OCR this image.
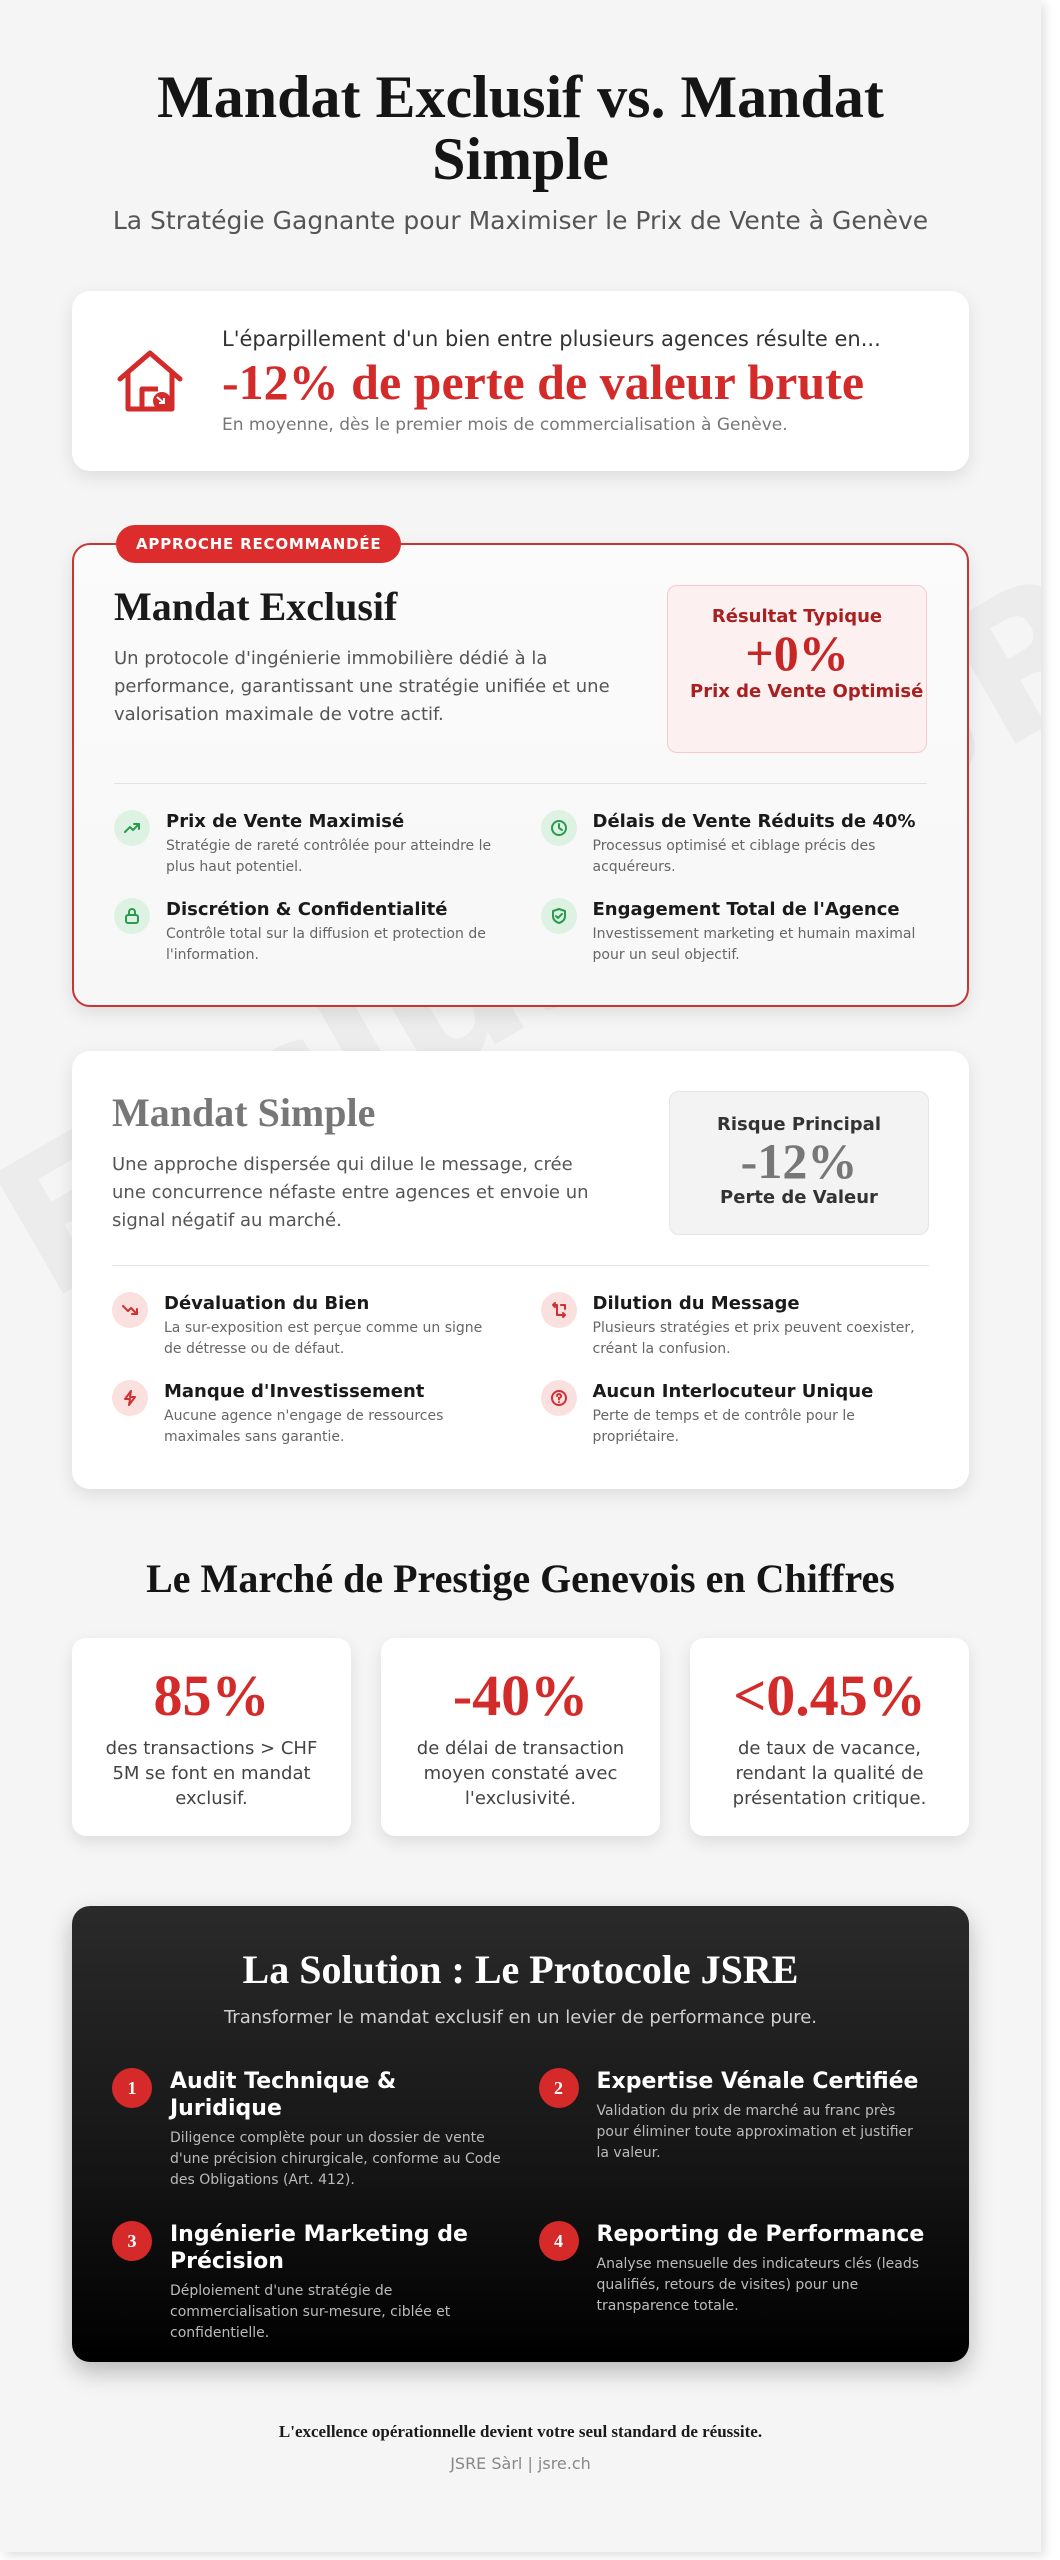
Mandat Exclusif vs. Mandat Simple

La Stratégie Gagnante pour Maximiser le Prix de Vente à Genève

L'éparpillement d'un bien entre plusieurs agences résulte en...
-12% de perte de valeur brute
En moyenne, dès le premier mois de commercialisation à Genève.
APPROCHE RECOMMANDÉE
Mandat Exclusif
Un protocole d'ingénierie immobilière dédié à la performance, garantissant une stratégie unifiée et une valorisation maximale de votre actif.
Résultat Typique
+0%
Prix de Vente Optimisé
Prix de Vente Maximisé
Stratégie de rareté contrôlée pour atteindre le plus haut potentiel.
Délais de Vente Réduits de 40%
Processus optimisé et ciblage précis des acquéreurs.
Discrétion & Confidentialité
Contrôle total sur la diffusion et protection de l'information.
Engagement Total de l'Agence
Investissement marketing et humain maximal pour un seul objectif.
Mandat Simple
Une approche dispersée qui dilue le message, crée une concurrence néfaste entre agences et envoie un signal négatif au marché.
Risque Principal
-12%
Perte de Valeur
Dévaluation du Bien
La sur-exposition est perçue comme un signe de détresse ou de défaut.
Dilution du Message
Plusieurs stratégies et prix peuvent coexister, créant la confusion.
Manque d'Investissement
Aucune agence n'engage de ressources maximales sans garantie.
Aucun Interlocuteur Unique
Perte de temps et de contrôle pour le propriétaire.
Le Marché de Prestige Genevois en Chiffres
85%
des transactions > CHF 5M se font en mandat exclusif.
-40%
de délai de transaction moyen constaté avec l'exclusivité.
<0.45%
de taux de vacance, rendant la qualité de présentation critique.
La Solution : Le Protocole JSRE
Transformer le mandat exclusif en un levier de performance pure.
1	Audit Technique & Juridique
Diligence complète pour un dossier de vente d'une précision chirurgicale, conforme au Code des Obligations (Art. 412).
2	Expertise Vénale Certifiée
Validation du prix de marché au franc près pour éliminer toute approximation et justifier la valeur.
3	Ingénierie Marketing de Précision
Déploiement d'une stratégie de commercialisation sur-mesure, ciblée et confidentielle.
4	Reporting de Performance
Analyse mensuelle des indicateurs clés (leads qualifiés, retours de visites) pour une transparence totale.
L'excellence opérationnelle devient votre seul standard de réussite.
JSRE Sàrl | jsre.ch
